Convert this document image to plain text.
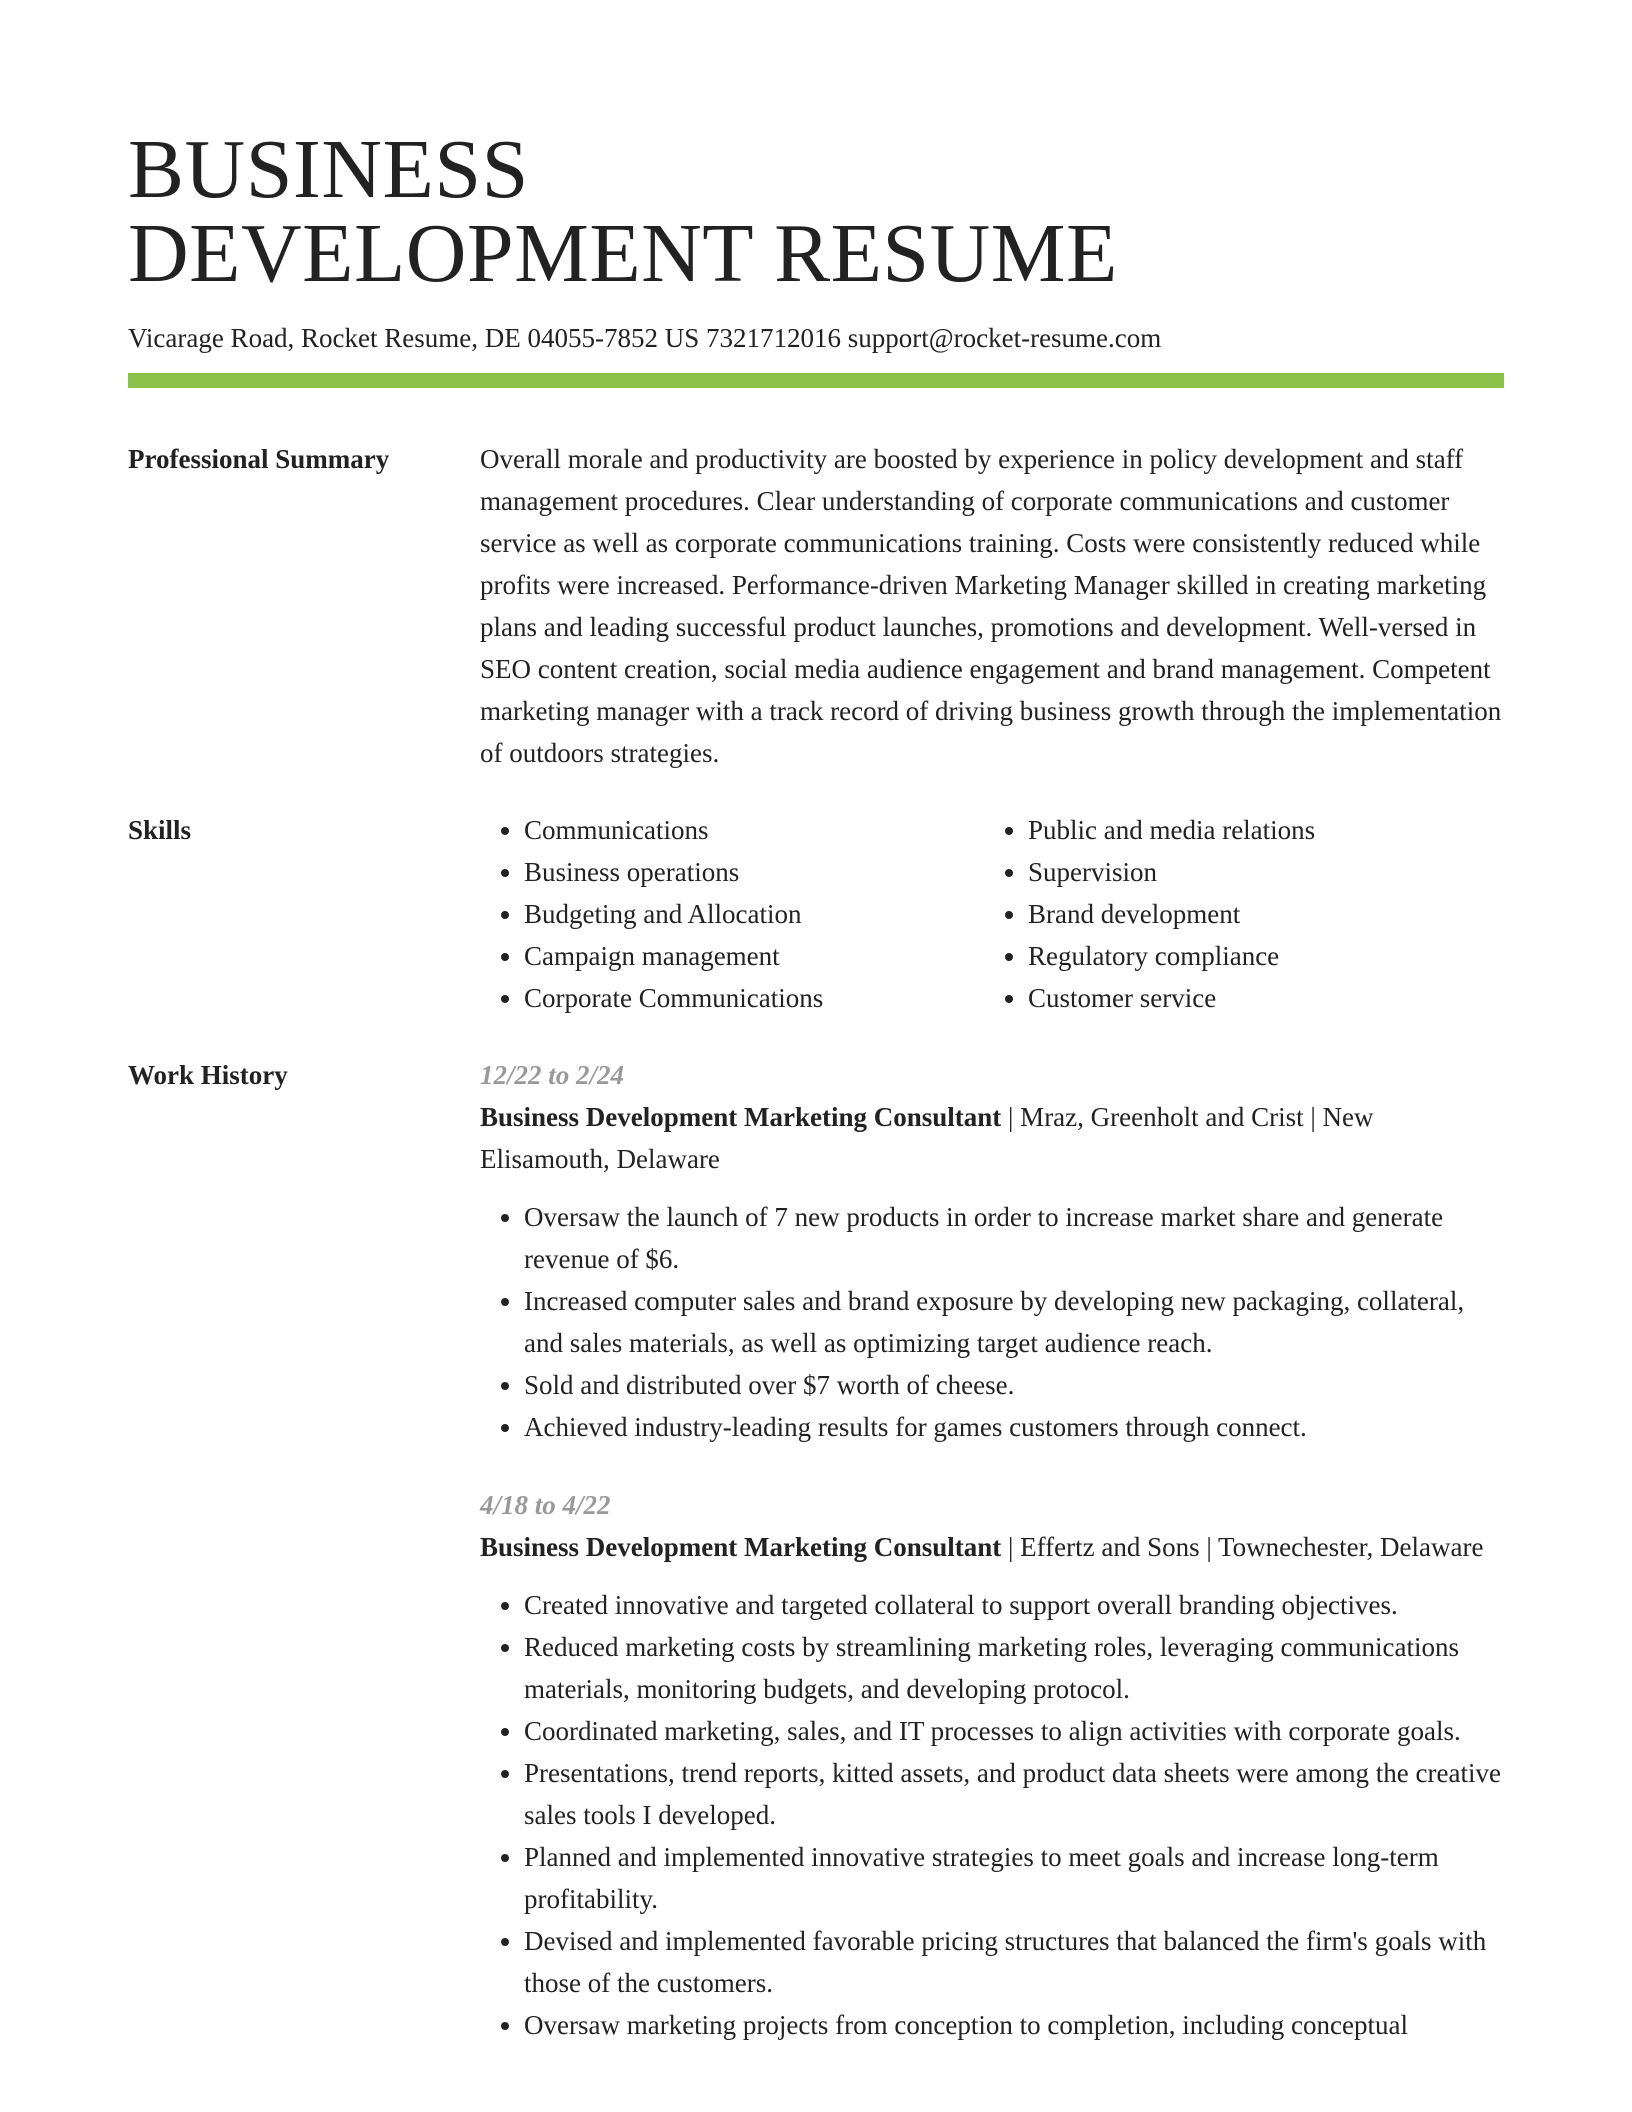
BUSINESS
DEVELOPMENT RESUME
Vicarage Road, Rocket Resume, DE 04055-7852 US 7321712016 support@rocket-resume.com
Professional Summary	Overall morale and productivity are boosted by experience in policy development and staff management procedures. Clear understanding of corporate communications and customer service as well as corporate communications training. Costs were consistently reduced while profits were increased. Performance-driven Marketing Manager skilled in creating marketing plans and leading successful product launches, promotions and development. Well-versed in SEO content creation, social media audience engagement and brand management. Competent marketing manager with a track record of driving business growth through the implementation of outdoors strategies.

Skills
•	Communications
• Business operations
• Budgeting and Allocation
• Campaign management
• Corporate Communications
• Public and media relations
• Supervision
• Brand development
• Regulatory compliance
• Customer service
Work History	12/22 to 2/24
Business Development Marketing Consultant | Mraz, Greenholt and Crist | New Elisamouth, Delaware
• Oversaw the launch of 7 new products in order to increase market share and generate revenue of $6.
• Increased computer sales and brand exposure by developing new packaging, collateral, and sales materials, as well as optimizing target audience reach.
• Sold and distributed over $7 worth of cheese.
• Achieved industry-leading results for games customers through connect.
4/18 to 4/22
Business Development Marketing Consultant | Effertz and Sons | Townechester, Delaware
• Created innovative and targeted collateral to support overall branding objectives.
• Reduced marketing costs by streamlining marketing roles, leveraging communications materials, monitoring budgets, and developing protocol.
• Coordinated marketing, sales, and IT processes to align activities with corporate goals.
• Presentations, trend reports, kitted assets, and product data sheets were among the creative sales tools I developed.
• Planned and implemented innovative strategies to meet goals and increase long-term profitability.
• Devised and implemented favorable pricing structures that balanced the firm's goals with those of the customers.
• Oversaw marketing projects from conception to completion, including conceptual
